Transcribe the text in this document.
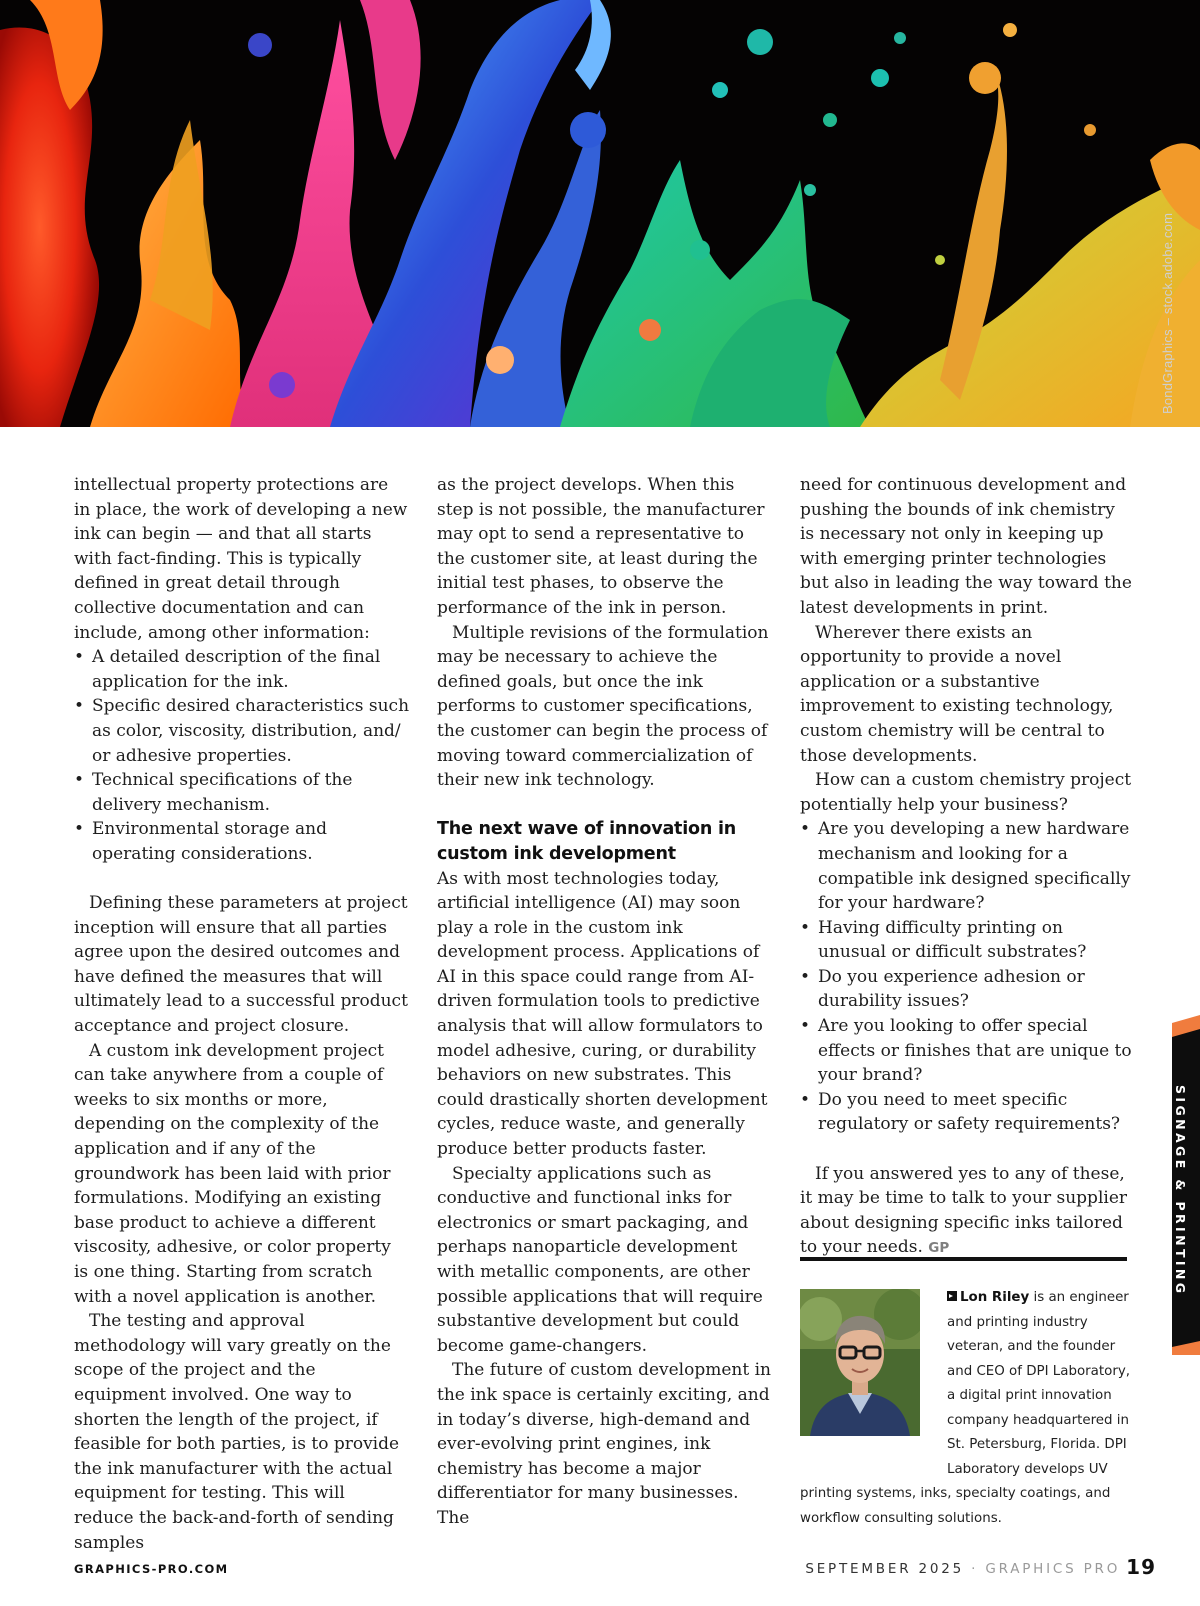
BondGraphics – stock.adobe.com

intellectual property protections are in place, the work of developing a new ink can begin — and that all starts with fact-finding. This is typically defined in great detail through collective documentation and can include, among other information:

• A detailed description of the final application for the ink.
• Specific desired characteristics such as color, viscosity, distribution, and/ or adhesive properties.
• Technical specifications of the delivery mechanism.
• Environmental storage and operating considerations.

Defining these parameters at project inception will ensure that all parties agree upon the desired outcomes and have defined the measures that will ultimately lead to a successful product acceptance and project closure.

A custom ink development project can take anywhere from a couple of weeks to six months or more, depending on the complexity of the application and if any of the groundwork has been laid with prior formulations. Modifying an existing base product to achieve a different viscosity, adhesive, or color property is one thing. Starting from scratch with a novel application is another.

The testing and approval methodology will vary greatly on the scope of the project and the equipment involved. One way to shorten the length of the project, if feasible for both parties, is to provide the ink manufacturer with the actual equipment for testing. This will reduce the back-and-forth of sending samples

as the project develops. When this step is not possible, the manufacturer may opt to send a representative to the customer site, at least during the initial test phases, to observe the performance of the ink in person.

Multiple revisions of the formulation may be necessary to achieve the defined goals, but once the ink performs to customer specifications, the customer can begin the process of moving toward commercialization of their new ink technology.

The next wave of innovation in custom ink development

As with most technologies today, artificial intelligence (AI) may soon play a role in the custom ink development process. Applications of AI in this space could range from AI-driven formulation tools to predictive analysis that will allow formulators to model adhesive, curing, or durability behaviors on new substrates. This could drastically shorten development cycles, reduce waste, and generally produce better products faster.

Specialty applications such as conductive and functional inks for electronics or smart packaging, and perhaps nanoparticle development with metallic components, are other possible applications that will require substantive development but could become game-changers.

The future of custom development in the ink space is certainly exciting, and in today’s diverse, high-demand and ever-evolving print engines, ink chemistry has become a major differentiator for many businesses. The

need for continuous development and pushing the bounds of ink chemistry is necessary not only in keeping up with emerging printer technologies but also in leading the way toward the latest developments in print.

Wherever there exists an opportunity to provide a novel application or a substantive improvement to existing technology, custom chemistry will be central to those developments.

How can a custom chemistry project potentially help your business?

• Are you developing a new hardware mechanism and looking for a compatible ink designed specifically for your hardware?
• Having difficulty printing on unusual or difficult substrates?
• Do you experience adhesion or durability issues?
• Are you looking to offer special effects or finishes that are unique to your brand?
• Do you need to meet specific regulatory or safety requirements?

If you answered yes to any of these, it may be time to talk to your supplier about designing specific inks tailored to your needs. GP

Lon Riley is an engineer and printing industry veteran, and the founder and CEO of DPI Laboratory, a digital print innovation company headquartered in St. Petersburg, Florida. DPI Laboratory develops UV printing systems, inks, specialty coatings, and workflow consulting solutions.
SIGNAGE & PRINTING
GRAPHICS-PRO.COM	SEPTEMBER 2025 · GRAPHICS PRO 19
